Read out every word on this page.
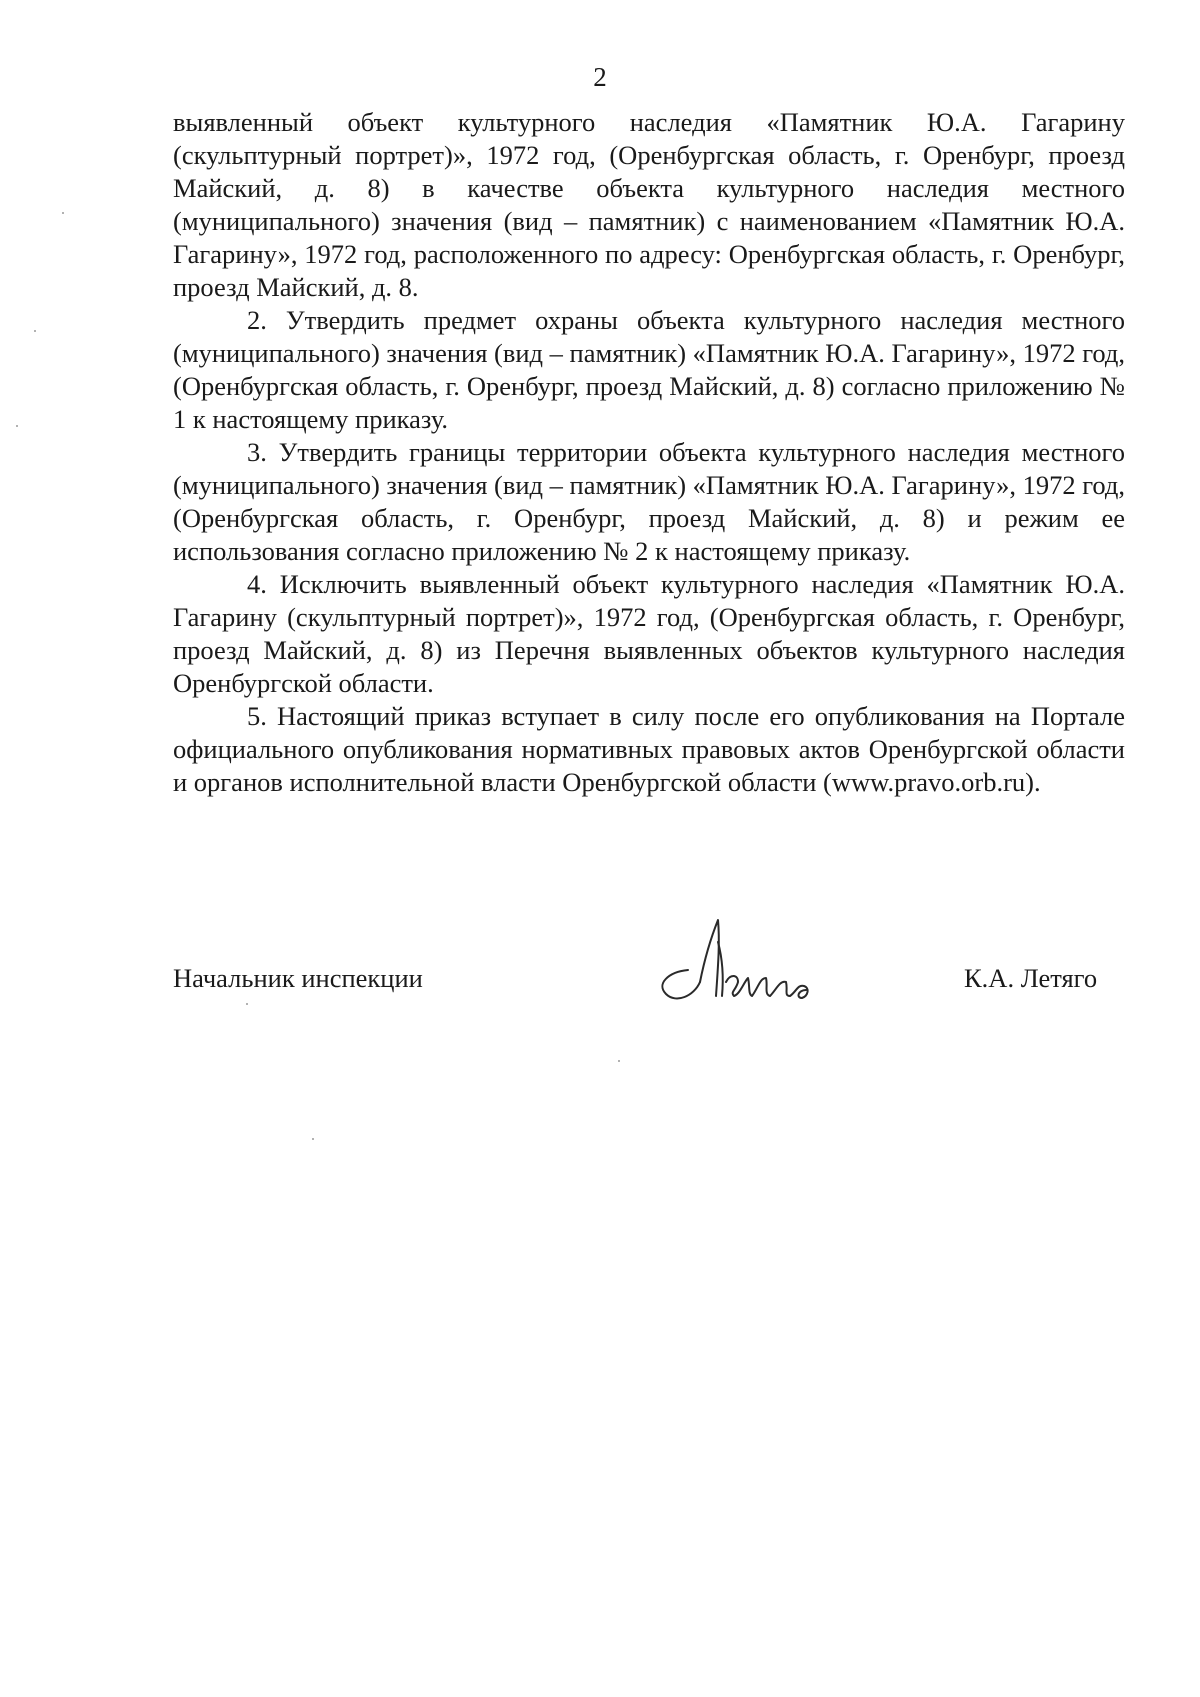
2

выявленный объект культурного наследия «Памятник Ю.А. Гагарину (скульптурный портрет)», 1972 год, (Оренбургская область, г. Оренбург, проезд Майский, д. 8) в качестве объекта культурного наследия местного (муниципального) значения (вид – памятник) с наименованием «Памятник Ю.А. Гагарину», 1972 год, расположенного по адресу: Оренбургская область, г. Оренбург, проезд Майский, д. 8.

2. Утвердить предмет охраны объекта культурного наследия местного (муниципального) значения (вид – памятник) «Памятник Ю.А. Гагарину», 1972 год, (Оренбургская область, г. Оренбург, проезд Майский, д. 8) согласно приложению № 1 к настоящему приказу.

3. Утвердить границы территории объекта культурного наследия местного (муниципального) значения (вид – памятник) «Памятник Ю.А. Гагарину», 1972 год, (Оренбургская область, г. Оренбург, проезд Майский, д. 8) и режим ее использования согласно приложению № 2 к настоящему приказу.

4. Исключить выявленный объект культурного наследия «Памятник Ю.А. Гагарину (скульптурный портрет)», 1972 год, (Оренбургская область, г. Оренбург, проезд Майский, д. 8) из Перечня выявленных объектов культурного наследия Оренбургской области.

5. Настоящий приказ вступает в силу после его опубликования на Портале официального опубликования нормативных правовых актов Оренбургской области и органов исполнительной власти Оренбургской области (www.pravo.orb.ru).

Начальник инспекции	К.А. Летяго
